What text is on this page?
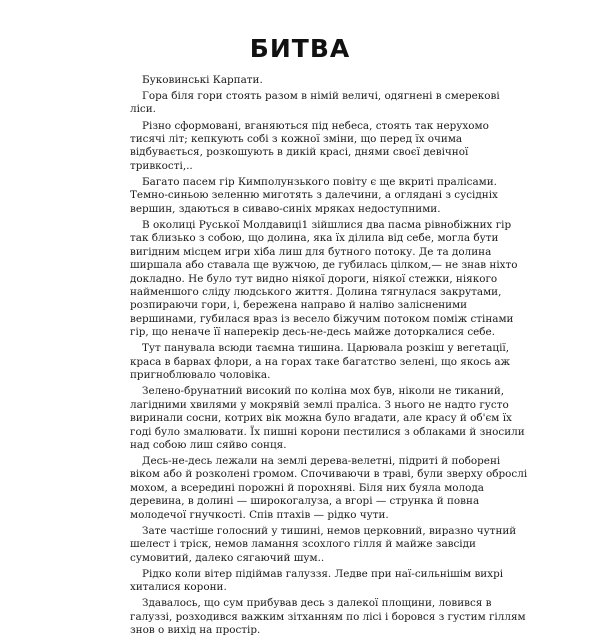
БИТВА
Буковинські Карпати.
Гора біля гори стоять разом в німій величі, одягнені в смерекові
ліси.
Різно сформовані, вганяються під небеса, стоять так нерухомо
тисячі літ; кепкують собі з кожної зміни, що перед їх очима
відбувається, розкошують в дикій красі, днями своєї девічної
тривкості,..
Багато пасем гір Кимполунзького повіту є ще вкриті пралісами.
Темно-синьою зеленню миготять з далечини, а оглядані з сусідніх
вершин, здаються в сиваво-синіх мряках недоступними.
В околиці Руської Молдавиці1 зійшлися два пасма рівнобіжних гір
так близько з собою, що долина, яка їх ділила від себе, могла бути
вигідним місцем игри хіба лиш для бутного потоку. Де та долина
ширшала або ставала ще вужчою, де губилась цілком,— не знав ніхто
докладно. Не було тут видно ніякої дороги, ніякої стежки, ніякого
найменшого сліду людського життя. Долина тягнулася закрутами,
розпираючи гори, і, бережена направо й наліво залісненими
вершинами, губилася враз із весело біжучим потоком поміж стінами
гір, що неначе її наперекір десь-не-десь майже доторкалися себе.
Тут панувала всюди таємна тишина. Царювала розкіш у вегетації,
краса в барвах флори, а на горах таке багатство зелені, що якось аж
пригноблювало чоловіка.
Зелено-брунатний високий по коліна мох був, ніколи не тиканий,
лагідними хвилями у мокрявій землі праліса. З нього не надто густо
виринали сосни, котрих вік можна було вгадати, але красу й об'єм їх
годі було змалювати. Їх пишні корони пестилися з облаками й зносили
над собою лиш сяйво сонця.
Десь-не-десь лежали на землі дерева-велетні, підриті й поборені
віком або й розколені громом. Спочиваючи в траві, були зверху оброслі
мохом, а всередині порожні й порохняві. Біля них буяла молода
деревина, в долині — широкогалуза, а вгорі — струнка й повна
молодечої гнучкості. Спів птахів — рідко чути.
Зате частіше голосний у тишині, немов церковний, виразно чутний
шелест і тріск, немов ламання зсохлого гілля й майже завсіди
сумовитий, далеко сягаючий шум..
Рідко коли вітер підіймав галуззя. Ледве при наї-сильнішім вихрі
хиталися корони.
Здавалось, що сум прибував десь з далекої площини, ловився в
галуззі, розходився важким зітханням по лісі і боровся з густим гіллям
знов о вихід на простір.
